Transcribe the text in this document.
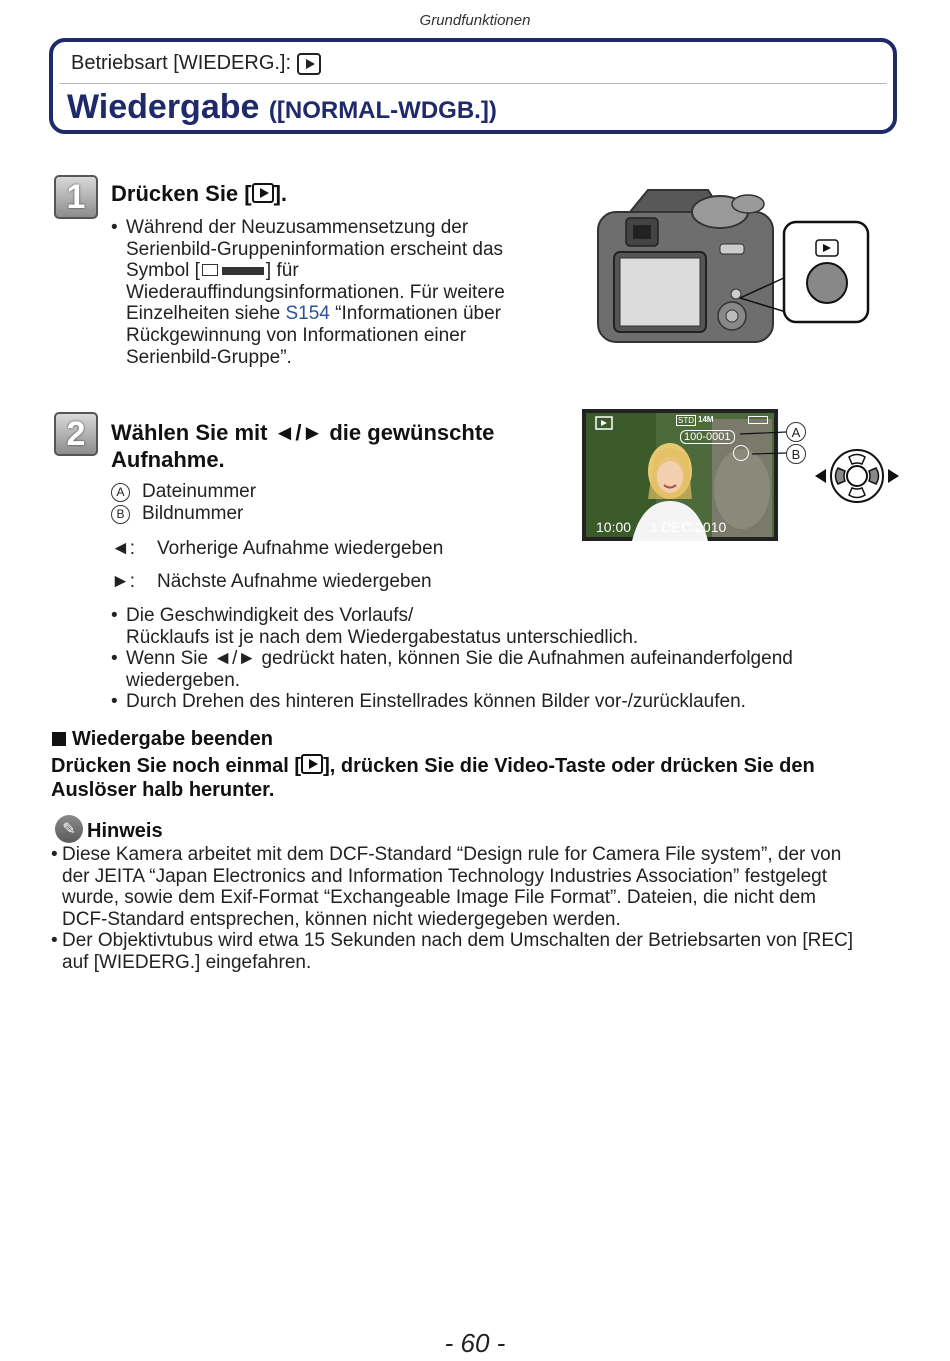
Grundfunktionen
Betriebsart [WIEDERG.]:
Wiedergabe ([NORMAL-WDGB.])
1	Drücken Sie [ ].
• Während der Neuzusammensetzung der Serienbild-Gruppeninformation erscheint das Symbol [	] für Wiederauffindungsinformationen. Für weitere Einzelheiten siehe S154 “Informationen über Rückgewinnung von Informationen einer Serienbild-Gruppe”.
2	Wählen Sie mit ◄/► die gewünschte
Aufnahme.
A Dateinummer
B Bildnummer
◄: Vorherige Aufnahme wiedergeben
►: Nächste Aufnahme wiedergeben
• Die Geschwindigkeit des Vorlaufs/
Rücklaufs ist je nach dem Wiedergabestatus unterschiedlich.
• Wenn Sie ◄/► gedrückt haten, können Sie die Aufnahmen aufeinanderfolgend
wiedergeben.
• Durch Drehen des hinteren Einstellrades können Bilder vor-/zurücklaufen.
STD 14M
100-0001
10:00 1.DEC.2010
A
B
Wiedergabe beenden
Drücken Sie noch einmal [ ], drücken Sie die Video-Taste oder drücken Sie den
Auslöser halb herunter.
✎ Hinweis
• Diese Kamera arbeitet mit dem DCF-Standard “Design rule for Camera File system”, der von
der JEITA “Japan Electronics and Information Technology Industries Association” festgelegt
wurde, sowie dem Exif-Format “Exchangeable Image File Format”. Dateien, die nicht dem
DCF-Standard entsprechen, können nicht wiedergegeben werden.
• Der Objektivtubus wird etwa 15 Sekunden nach dem Umschalten der Betriebsarten von [REC]
auf [WIEDERG.] eingefahren.
- 60 -
